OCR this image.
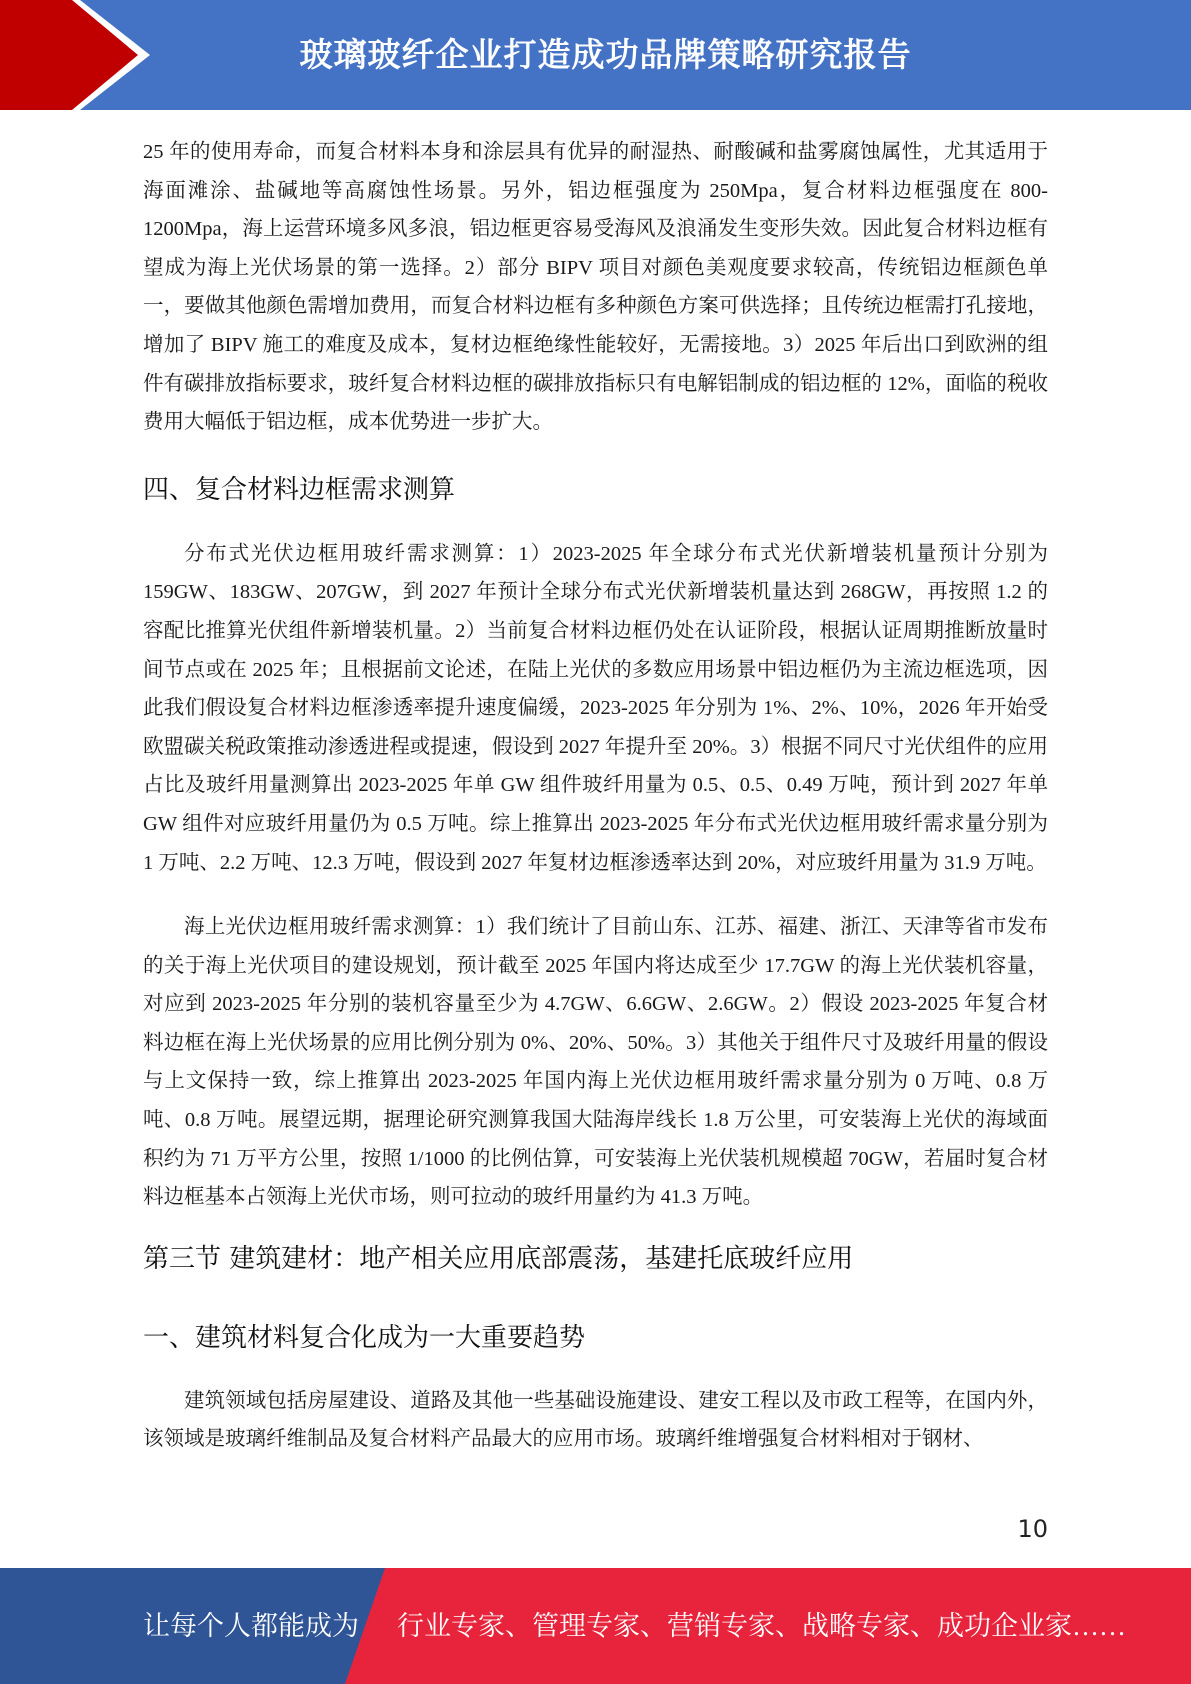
玻璃玻纤企业打造成功品牌策略研究报告

25 年的使用寿命，而复合材料本身和涂层具有优异的耐湿热、耐酸碱和盐雾腐蚀属性，尤其适用于海面滩涂、盐碱地等高腐蚀性场景。另外，铝边框强度为 250Mpa，复合材料边框强度在 800-1200Mpa，海上运营环境多风多浪，铝边框更容易受海风及浪涌发生变形失效。因此复合材料边框有望成为海上光伏场景的第一选择。2）部分 BIPV 项目对颜色美观度要求较高，传统铝边框颜色单一，要做其他颜色需增加费用，而复合材料边框有多种颜色方案可供选择；且传统边框需打孔接地，增加了 BIPV 施工的难度及成本，复材边框绝缘性能较好，无需接地。3）2025 年后出口到欧洲的组件有碳排放指标要求，玻纤复合材料边框的碳排放指标只有电解铝制成的铝边框的 12%，面临的税收费用大幅低于铝边框，成本优势进一步扩大。

四、复合材料边框需求测算

分布式光伏边框用玻纤需求测算：1）2023-2025 年全球分布式光伏新增装机量预计分别为 159GW、183GW、207GW，到 2027 年预计全球分布式光伏新增装机量达到 268GW，再按照 1.2 的容配比推算光伏组件新增装机量。2）当前复合材料边框仍处在认证阶段，根据认证周期推断放量时间节点或在 2025 年；且根据前文论述，在陆上光伏的多数应用场景中铝边框仍为主流边框选项，因此我们假设复合材料边框渗透率提升速度偏缓，2023-2025 年分别为 1%、2%、10%，2026 年开始受欧盟碳关税政策推动渗透进程或提速，假设到 2027 年提升至 20%。3）根据不同尺寸光伏组件的应用占比及玻纤用量测算出 2023-2025 年单 GW 组件玻纤用量为 0.5、0.5、0.49 万吨，预计到 2027 年单 GW 组件对应玻纤用量仍为 0.5 万吨。综上推算出 2023-2025 年分布式光伏边框用玻纤需求量分别为 1 万吨、2.2 万吨、12.3 万吨，假设到 2027 年复材边框渗透率达到 20%，对应玻纤用量为 31.9 万吨。

海上光伏边框用玻纤需求测算：1）我们统计了目前山东、江苏、福建、浙江、天津等省市发布的关于海上光伏项目的建设规划，预计截至 2025 年国内将达成至少 17.7GW 的海上光伏装机容量，对应到 2023-2025 年分别的装机容量至少为 4.7GW、6.6GW、2.6GW。2）假设 2023-2025 年复合材料边框在海上光伏场景的应用比例分别为 0%、20%、50%。3）其他关于组件尺寸及玻纤用量的假设与上文保持一致，综上推算出 2023-2025 年国内海上光伏边框用玻纤需求量分别为 0 万吨、0.8 万吨、0.8 万吨。展望远期，据理论研究测算我国大陆海岸线长 1.8 万公里，可安装海上光伏的海域面积约为 71 万平方公里，按照 1/1000 的比例估算，可安装海上光伏装机规模超 70GW，若届时复合材料边框基本占领海上光伏市场，则可拉动的玻纤用量约为 41.3 万吨。

第三节 建筑建材：地产相关应用底部震荡，基建托底玻纤应用
一、建筑材料复合化成为一大重要趋势

建筑领域包括房屋建设、道路及其他一些基础设施建设、建安工程以及市政工程等，在国内外，该领域是玻璃纤维制品及复合材料产品最大的应用市场。玻璃纤维增强复合材料相对于钢材、

10
让每个人都能成为 行业专家、管理专家、营销专家、战略专家、成功企业家……
